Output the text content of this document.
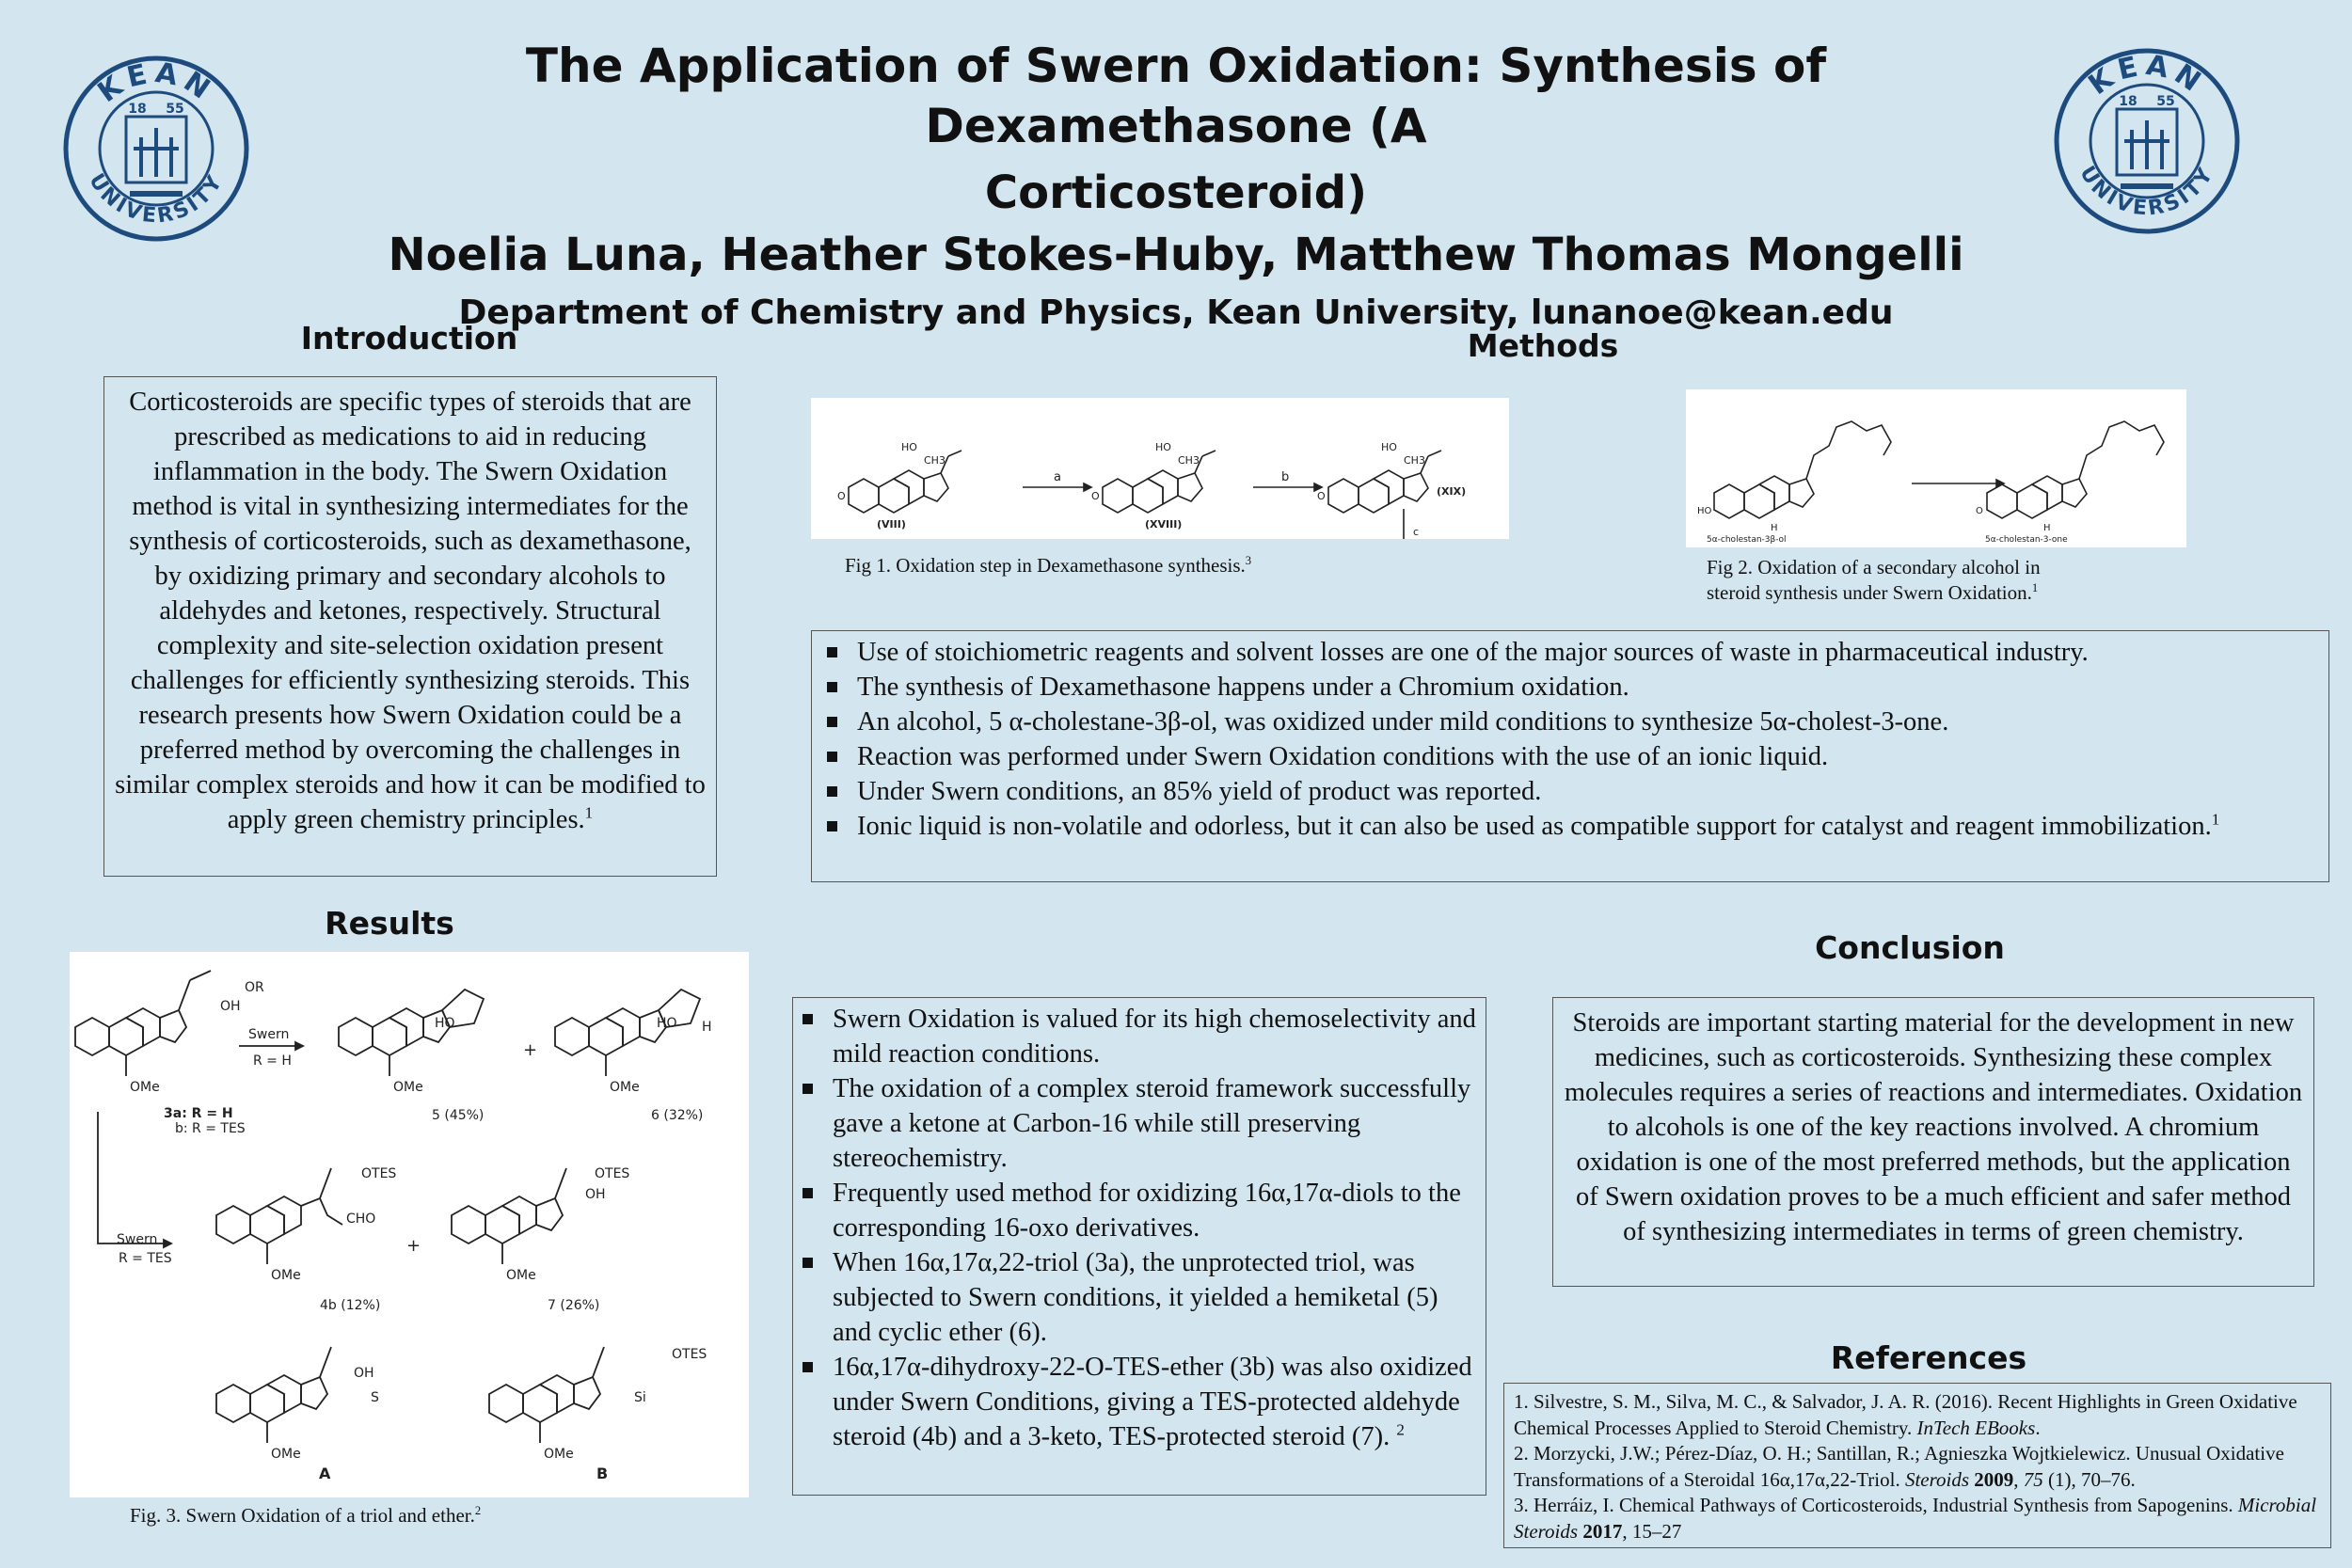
The Application of Swern Oxidation: Synthesis of Dexamethasone (A
Corticosteroid)
Noelia Luna, Heather Stokes-Huby, Matthew Thomas Mongelli
Department of Chemistry and Physics, Kean University, lunanoe@kean.edu
KEAN
UNIVERSITY
18 55
KEAN
UNIVERSITY
18 55
Introduction
Corticosteroids are specific types of steroids that are prescribed as medications to aid in reducing inflammation in the body. The Swern Oxidation method is vital in synthesizing intermediates for the synthesis of corticosteroids, such as dexamethasone, by oxidizing primary and secondary alcohols to aldehydes and ketones, respectively. Structural complexity and site-selection oxidation present challenges for efficiently synthesizing steroids. This research presents how Swern Oxidation could be a preferred method by overcoming the challenges in similar complex steroids and how it can be modified to apply green chemistry principles.$^1$
Methods
(VIII)	(XVIII)
(XIX)
a	b
c
HO	HO	HO
CH3	CH3	CH3
O	O	O
Fig 1. Oxidation step in Dexamethasone synthesis.$^3$
HO	O
H	H
5α-cholestan-3β-ol	5α-cholestan-3-one
Fig 2. Oxidation of a secondary alcohol in
steroid synthesis under Swern Oxidation.$^1$
Use of stoichiometric reagents and solvent losses are one of the major sources of waste in pharmaceutical industry.
The synthesis of Dexamethasone happens under a Chromium oxidation.
An alcohol, 5 α-cholestane-3β-ol, was oxidized under mild conditions to synthesize 5α-cholest-3-one.
Reaction was performed under Swern Oxidation conditions with the use of an ionic liquid.
Under Swern conditions, an 85% yield of product was reported.
Ionic liquid is non-volatile and odorless, but it can also be used as compatible support for catalyst and reagent immobilization.$^1$
Results
Swern
R = H
Swern
R = TES
3a: R = H
b: R = TES
5 (45%)	6 (32%)
4b (12%)	7 (26%)
A	B
+
+
OR
OH
OMe	OMe	OMe
OMe	OMe
OMe	OMe
HO	HO H
OTES	OTES
OTES
CHO
OH
OH
S	Si
Fig. 3. Swern Oxidation of a triol and ether.$^2$
Swern Oxidation is valued for its high chemoselectivity and mild reaction conditions.
The oxidation of a complex steroid framework successfully gave a ketone at Carbon-16 while still preserving stereochemistry.
Frequently used method for oxidizing 16α,17α-diols to the corresponding 16-oxo derivatives.
When 16α,17α,22-triol (3a), the unprotected triol, was subjected to Swern conditions, it yielded a hemiketal (5) and cyclic ether (6).
16α,17α-dihydroxy-22-O-TES-ether (3b) was also oxidized under Swern Conditions, giving a TES-protected aldehyde steroid (4b) and a 3-keto, TES-protected steroid (7). $^2$
Conclusion
Steroids are important starting material for the development in new medicines, such as corticosteroids. Synthesizing these complex molecules requires a series of reactions and intermediates. Oxidation to alcohols is one of the key reactions involved. A chromium oxidation is one of the most preferred methods, but the application of Swern oxidation proves to be a much efficient and safer method of synthesizing intermediates in terms of green chemistry.
References
1. Silvestre, S. M., Silva, M. C., & Salvador, J. A. R. (2016). Recent Highlights in Green Oxidative Chemical Processes Applied to Steroid Chemistry. InTech EBooks.
2. Morzycki, J.W.; Pérez-Díaz, O. H.; Santillan, R.; Agnieszka Wojtkielewicz. Unusual Oxidative Transformations of a Steroidal 16α,17α,22-Triol. Steroids 2009, 75 (1), 70–76.
3. Herráiz, I. Chemical Pathways of Corticosteroids, Industrial Synthesis from Sapogenins. Microbial Steroids 2017, 15–27
